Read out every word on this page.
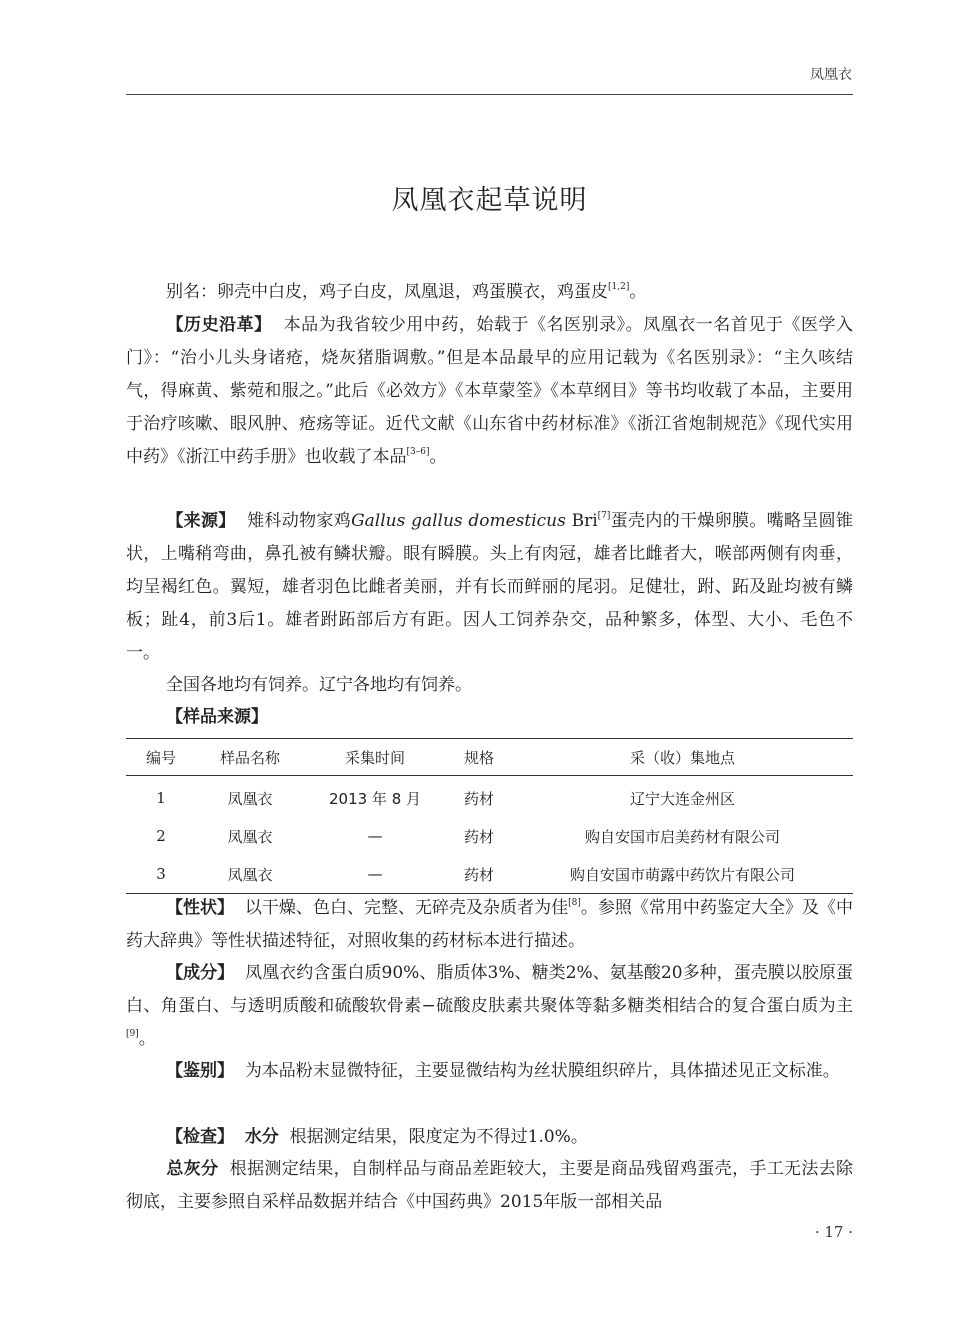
凤凰衣
凤凰衣起草说明
别名：卵壳中白皮，鸡子白皮，凤凰退，鸡蛋膜衣，鸡蛋皮[1,2]。
【历史沿革】 本品为我省较少用中药，始载于《名医别录》。凤凰衣一名首见于《医学入门》：“治小儿头身诸疮，烧灰猪脂调敷。”但是本品最早的应用记载为《名医别录》：“主久咳结气，得麻黄、紫菀和服之。”此后《必效方》《本草蒙筌》《本草纲目》等书均收载了本品，主要用于治疗咳嗽、眼风肿、疮疡等证。近代文献《山东省中药材标准》《浙江省炮制规范》《现代实用中药》《浙江中药手册》也收载了本品[3–6]。
【来源】 雉科动物家鸡Gallus gallus domesticus Bri[7]蛋壳内的干燥卵膜。嘴略呈圆锥状，上嘴稍弯曲，鼻孔被有鳞状瓣。眼有瞬膜。头上有肉冠，雄者比雌者大，喉部两侧有肉垂，均呈褐红色。翼短，雄者羽色比雌者美丽，并有长而鲜丽的尾羽。足健壮，跗、跖及趾均被有鳞板；趾4，前3后1。雄者跗跖部后方有距。因人工饲养杂交，品种繁多，体型、大小、毛色不一。
全国各地均有饲养。辽宁各地均有饲养。
【样品来源】
编号	样品名称	采集时间	规格	采（收）集地点
1	凤凰衣	2013 年 8 月	药材	辽宁大连金州区
2	凤凰衣	—	药材	购自安国市启美药材有限公司
3	凤凰衣	—	药材	购自安国市萌露中药饮片有限公司
【性状】 以干燥、色白、完整、无碎壳及杂质者为佳[8]。参照《常用中药鉴定大全》及《中药大辞典》等性状描述特征，对照收集的药材标本进行描述。
【成分】 凤凰衣约含蛋白质90%、脂质体3%、糖类2%、氨基酸20多种，蛋壳膜以胶原蛋白、角蛋白、与透明质酸和硫酸软骨素−硫酸皮肤素共聚体等黏多糖类相结合的复合蛋白质为主[9]。
【鉴别】 为本品粉末显微特征，主要显微结构为丝状膜组织碎片，具体描述见正文标准。
【检查】 水分 根据测定结果，限度定为不得过1.0%。
总灰分 根据测定结果，自制样品与商品差距较大，主要是商品残留鸡蛋壳，手工无法去除彻底，主要参照自采样品数据并结合《中国药典》2015年版一部相关品
· 17 ·
